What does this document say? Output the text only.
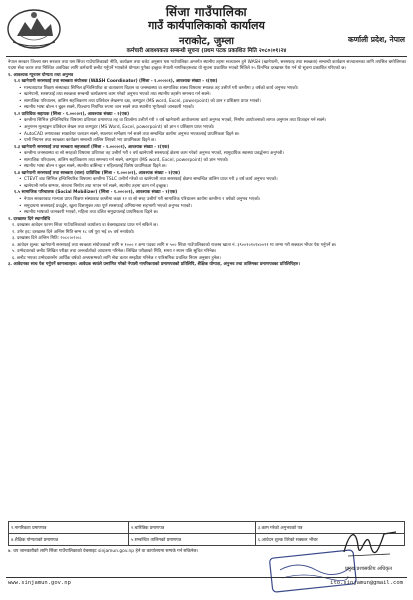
सिंजा गाउँपालिका
गाउँ कार्यपालिकाको कार्यालय
नराकोट, जुम्ला	कर्णाली प्रदेश, नेपाल
कर्मचारी आवश्यकता सम्बन्धी सूचना (प्रथम पटक प्रकाशित मिति २०८०।०१।२४

नेपाल सरकार जिल्ला स्तर सरकार तथा यस सिंजा गाउँपालिकाको नीति, कार्यक्रम तथा बजेट अनुसार यस गाउँपालिका अन्तर्गत स्थानीय तहमा सञ्चालन हुने WASH (खानेपानी, सरसफाइ तथा स्वच्छता) सम्बन्धी कार्यक्रम सञ्चालनका लागि तपसिल बमोजिमका पदमा सेवा करार तथा निश्चित अवधिका लागि कर्मचारी छनौट गर्नुपर्ने भएकोले योग्यता पुगेका इच्छुक नेपाली नागरिकहरुबाट यो सूचना प्रकाशित भएको मितिले १५ दिनभित्र दरखास्त पेश गर्न यो सूचना प्रकाशित गरिएको छ।

१. आवश्यक न्यूनतम योग्यता तथा अनुभव

१.१ खानेपानी सरसफाई तथा स्वच्छता संयोजक (WASH Coordinator) (सिंजा - १.०००।०१), आवश्यक संख्या - १(एक)

• मान्यताप्राप्त शिक्षण संस्थाबाट सिभिल इन्जिनियरिङ वा वातावरण विज्ञान वा जनस्वास्थ्य वा सामाजिक शास्त्र विषयमा स्नातक तह उत्तीर्ण गरी कम्तीमा ३ वर्षको कार्य अनुभव भएको।

• खानेपानी, सरसफाई तथा स्वच्छता सम्बन्धी कार्यक्रममा काम गरेको अनुभव भएको तथा स्थानीय तहसँग समन्वय गर्न सक्ने।

• सामाजिक परिचालन, तालिम सहजिकरण तथा प्रतिवेदन लेखनमा दक्ष, कम्प्युटर (MS word, Excel, powerpoint) को ज्ञान र प्रशिक्षण प्राप्त भएको।

• स्थानीय भाषा बोल्न र बुझ्न सक्ने, फिल्डमा नियमित रुपमा जान सक्ने तथा स्थानीय भूगोलको जानकारी भएको।

१.२ प्राविधिक सहायक (सिंजा - १.०००।०१), आवश्यक संख्या - १(एक)

• कम्तीमा सिभिल इन्जिनियरिङ विषयमा प्रविणता प्रमाणपत्र तह वा डिप्लोमा उत्तीर्ण गरी २ वर्ष खानेपानी आयोजनामा कार्य अनुभव भएको, निर्माण आयोजनाको लागत अनुमान तथा डिजाइन गर्न सक्ने।

• अनुगमन मूल्याङ्कन प्रतिवेदन लेखन तथा कम्प्युटर (MS Word, Excel, powerpoint) को ज्ञान र प्रशिक्षण प्राप्त भएको।

• AutoCAD लगायतका सफ्टवेयर चलाउन सक्ने, स्थलगत सर्भेक्षण गर्न सक्ने तथा सम्बन्धित कार्यमा अनुभव भएकालाई प्राथमिकता दिइने छ।

• पानी नियमन तथा स्वच्छता कार्यक्रम सम्बन्धी तालिम लिएको भए प्राथमिकता दिइने छ।

१.३ खानेपानी सरसफाई तथा स्वच्छता सहजकर्ता (सिंजा - १.०००।०१), आवश्यक संख्या - १(एक)

• कम्तीमा जनस्वास्थ्य वा सो सरहको विषयमा प्रविणता तह उत्तीर्ण गरी २ वर्ष खानेपानी सरसफाई क्षेत्रमा काम गरेको अनुभव भएको, सामुदायिक स्वास्थ्य प्रवर्द्धनमा अनुभवी।

• सामाजिक परिचालन, तालिम सहजिकरण तथा समन्वय गर्न सक्ने, कम्प्युटर (MS word, Excel, powerpoint) को ज्ञान भएको।

• स्थानीय भाषा बोल्न र बुझ्न सक्ने, स्थानीय बासिन्दा र महिलालाई विशेष प्राथमिकता दिइने छ।

१.४ खानेपानी सरसफाई तथा स्वच्छता (वाश) प्राविधिक (सिंजा - १.०००।०१), आवश्यक संख्या - १(एक)

• CTEVT बाट सिभिल इन्जिनियरिङ विषयमा कम्तीमा TSLC उत्तीर्ण गरेको वा खानेपानी तथा सरसफाई क्षेत्रमा सम्बन्धित तालिम प्राप्त गरी ३ वर्ष कार्य अनुभव भएको।

• खानेपानी मर्मत सम्भार, संरचना निर्माण तथा मापन गर्न सक्ने, स्थानीय तहमा काम गर्न इच्छुक।

१.५ सामाजिक परिचालक (Social Mobilizer) (सिंजा - १.०००।०१), आवश्यक संख्या - १(एक)

• नेपाल सरकारबाट मान्यता प्राप्त शिक्षण संस्थाबाट कम्तीमा कक्षा १२ वा सो सरह उत्तीर्ण गरी सामाजिक परिचालन कार्यमा कम्तीमा १ वर्षको अनुभव भएको।

• समुदायमा सरसफाई प्रवर्द्धन, खुला दिसामुक्त तथा पूर्ण सरसफाई अभियानमा सहभागी भएको अनुभव भएको।

• स्थानीय भाषाको जानकारी भएको, महिला तथा दलित समुदायलाई प्राथमिकता दिइने छ।

२. दरखास्त दिने स्थानविधि

१. दरखास्त आवेदन फारम सिंजा गाउँपालिकाको कार्यालय वा वेबसाइटबाट प्राप्त गर्न सकिने छ।

२. उमेर हद: दरखास्त दिने अन्तिम मिति सम्म १८ वर्ष पूरा भई ४५ वर्ष ननाघेको।

३. दरखास्त दिने अन्तिम मिति: २०८०।०२।०८

४. आवेदन शुल्क: खानेपानी सरसफाई तथा स्वच्छता संयोजकको लागि रु १००० र अन्य पदका लागि रु ५०० सिंजा गाउँपालिकाको राजस्व खाता नं. ३९००१०१०१४००२१ मा जम्मा गरी सक्कल भौचर पेश गर्नुपर्ने छ।

५. उम्मेदवारको छनौट लिखित परीक्षा तथा अन्तर्वार्ताको आधारमा गरिनेछ। लिखित परीक्षाको मिति, समय र स्थान पछि सूचित गरिनेछ।

६. छनौट भएका उम्मेदवारसँग आर्थिक वर्षको अन्त्यसम्मको लागि सेवा करार सम्झौता गरिनेछ र पारिश्रमिक प्रचलित नियम अनुसार हुनेछ।

३. आवेदनका साथ पेश गर्नुपर्ने कागजातहरु: आवेदक स्वयंले प्रमाणित गरेको नेपाली नागरिकताको प्रमाणपत्रको प्रतिलिपि, शैक्षिक योग्यता, अनुभव तथा तालिमका प्रमाणपत्रका प्रतिलिपिहरु।

१.नागरिकता प्रमाणपत्र	२.चारित्रिक प्रमाणपत्र	३.काम गरेको अनुभवको पत्र
४.शैक्षिक योग्यताको प्रमाणपत्र	५.सम्बन्धित तालिमको प्रमाणपत्र	६.आवेदन शुल्क तिरेको सक्कल भौचर
७. थप जानकारीको लागि सिंजा गाउँपालिकाको वेबसाइट sinjamun.gov.np हेर्न वा कार्यालयमा सम्पर्क गर्न सकिनेछ।
प्रमुख प्रशासकीय अधिकृत
www.sinjamun.gov.np	ito.sinjamun@gmail.com
